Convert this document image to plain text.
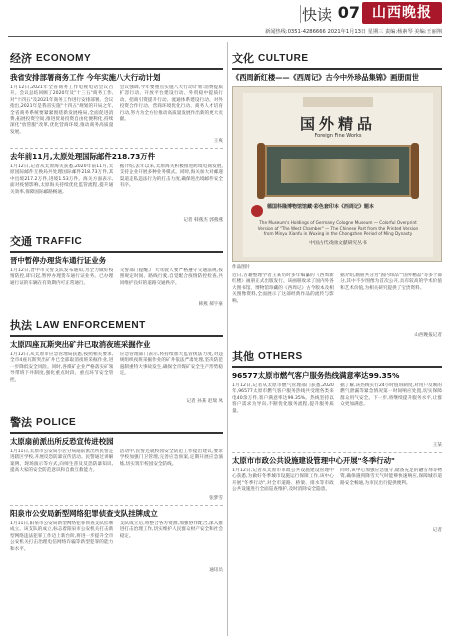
快读 07 山西晚报
新闻热线:0351-4286666 2021年1月13日 星期三 责编:杨素琴 美编:王丽翔
经济 ECONOMY
我省安排部署商务工作 今年实施八大行动计划
1月12日,2021年全省商务工作电视电话会议召开。会议总结回顾了2020年及"十三五"商务工作,对"十四五"及2021年商务工作进行安排部署。会议指出,2021年是我省实施"十四五"规划的开局之年,全省商务系统要紧紧围绕新发展格局,全面促进消费,拓展投资空间,推进贸易投资自由化便利化,持续深化"放管服"改革,优化营商环境,推动商务高质量发展。
会议强调,今年要重点实施八大行动计划:消费提质扩容行动、开放平台建设行动、外贸稳中提质行动、招商引资提升行动、流通体系建设行动、对外投资合作行动、营商环境优化行动、商务人才培育行动,努力为全方位推动高质量发展作出新的更大贡献。
王爽
去年前11月,太原处理国际邮件218.73万件
1月12日,记者从太原海关获悉,2020年前11月,太原国际邮件互换局共处理国际邮件218.73万件,其中出境217.2万件,进境1.53万件。海关方面表示,面对疫情影响,太原海关持续优化监管流程,提升通关效率,保障国际邮路畅通。
据介绍,去年以来,太原海关积极推进跨境电商发展,支持企业开展多种业务模式。同时,海关加大对邮递渠道走私违法行为的打击力度,确保进出境邮件安全有序。
记者 韩燕杰 郭燕燕
交通 TRAFFIC
晋中暂停办理货车通行证业务
1月12日,晋中市交警支队发布通知,为全力做好疫情防控,即日起,暂停办理货车通行证业务。已办理通行证的车辆在有效期内可正常通行。
交警部门提醒,广大驾驶人要严格遵守交通法规,按照规定时间、路线行驶,自觉配合疫情防控检查,共同维护良好的道路交通秩序。
韩燕 郝宇豪
执法 LAW ENFORCEMENT
太原四座瓦斯突出矿井已取消夜班采掘作业
1月12日,从太原市应急管理局获悉,按照相关要求,全市4座瓦斯突出矿井已全部取消夜班采掘作业,进一步降低安全风险。同时,各煤矿企业严格落实矿领导带班下井制度,强化重点时段、重点环节安全管控。
应急管理部门表示,将持续加大监管执法力度,对违规组织夜班采掘作业的矿井依法严肃处理,坚决防范遏制重特大事故发生,确保全市煤矿安全生产形势稳定。
记者 孙某 赵瑞 凤
警法 POLICE
太原扇前派出所反恐宣传进校园
1月11日,太原市公安局小店分局扇前派出所民警走进辖区学校,开展反恐防暴宣传活动。民警通过讲解案例、现场演示等方式,向师生普及反恐防暴知识,提高大家的安全防范意识和自救互救能力。
活动中,民警还就校园安全防范工作提出建议,要求学校加强门卫管理,完善应急预案,定期开展应急演练,切实筑牢校园安全防线。
张梦雪
阳泉市公安局新型网络犯罪侦查支队挂牌成立
1月11日,阳泉市公安局新型网络犯罪侦查支队挂牌成立。该支队的成立,标志着阳泉市公安机关打击新型网络违法犯罪工作迈上新台阶,将进一步提升全市公安机关打击治理电信网络诈骗等新型犯罪的能力和水平。
支队成立后,将整合各方资源,加强协作配合,深入推进打击治理工作,切实维护人民群众财产安全和社会稳定。
通讯员
文化 CULTURE
《西周新红楼——《西周记》古今中外珍品集锦》画册面世
国外精品
Foreign Fine Works
德国科隆博物馆馆藏·彩色套印本《西周记》题本
The Museum's Holdings of Germany Cologne Museum — Colorful Overprint Version of "The West Chamber" — The Chinese Part from the Printed Version from Minyu Xianfu in Wuxing in the Chongzhen Period of Ming Dynasty
中国古代戏曲文献研究丛书
作品图片
近日,古籍整理学者王某历时多年编纂的《西周新红楼》画册正式出版发行。该画册收录了国内外各大图书馆、博物馆珍藏的《西周记》古今版本及相关图像资料,全面展示了这部经典作品的流传与影响。
据介绍,画册共分为"国内珍品""国外精品"等多个部分,其中不少图像为首次公开,具有较高的学术价值和艺术价值,为相关研究提供了宝贵资料。
山西晚报记者
其他 OTHERS
96577太原市燃气客户服务热线满意率达99.35%
1月12日,记者从太原市燃气管理部门获悉,2020年,96577太原市燃气客户服务热线共受理各类来电40余万件,客户满意率达99.35%。热线坚持以客户需求为导向,不断优化服务流程,提升服务质量。
据了解,该热线实行24小时值班制度,对用户反映的燃气泄漏等紧急情况第一时间响应处置,切实保障群众用气安全。下一步,将继续提升服务水平,让群众更加满意。
王某
太原市市政公共设施建设管理中心开展"冬季行动"
1月12日,记者从太原市市政公共设施建设管理中心获悉,为做好冬季城市设施运行保障工作,该中心开展"冬季行动",对全市道路、桥梁、排水等市政公共设施进行全面巡查维护,及时消除安全隐患。
同时,该中心加强应急值守,储备充足的融雪剂等物资,确保遇到降雪天气时能够快速响应,保障城市道路安全畅通,为市民出行提供便利。
记者
